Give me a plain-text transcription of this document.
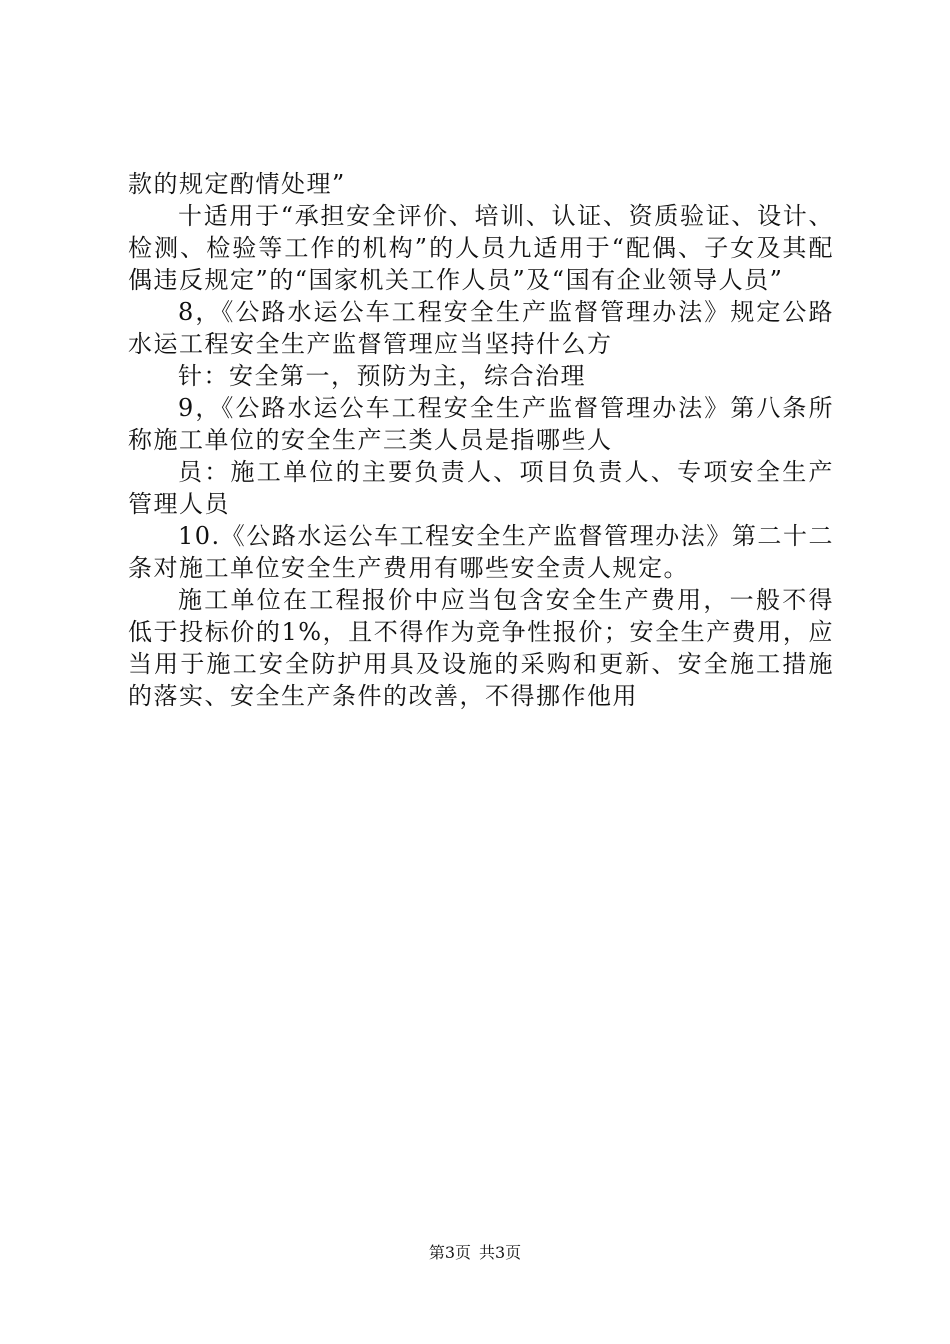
款的规定酌情处理”

十适用于“承担安全评价、培训、认证、资质验证、设计、检测、检验等工作的机构”的人员九适用于“配偶、子女及其配偶违反规定”的“国家机关工作人员”及“国有企业领导人员”

8，《公路水运公车工程安全生产监督管理办法》规定公路水运工程安全生产监督管理应当坚持什么方

针：安全第一，预防为主，综合治理

9，《公路水运公车工程安全生产监督管理办法》第八条所称施工单位的安全生产三类人员是指哪些人

员：施工单位的主要负责人、项目负责人、专项安全生产管理人员

10.《公路水运公车工程安全生产监督管理办法》第二十二条对施工单位安全生产费用有哪些安全责人规定。

施工单位在工程报价中应当包含安全生产费用，一般不得低于投标价的1%，且不得作为竞争性报价；安全生产费用，应当用于施工安全防护用具及设施的采购和更新、安全施工措施的落实、安全生产条件的改善，不得挪作他用

第3页 共3页
